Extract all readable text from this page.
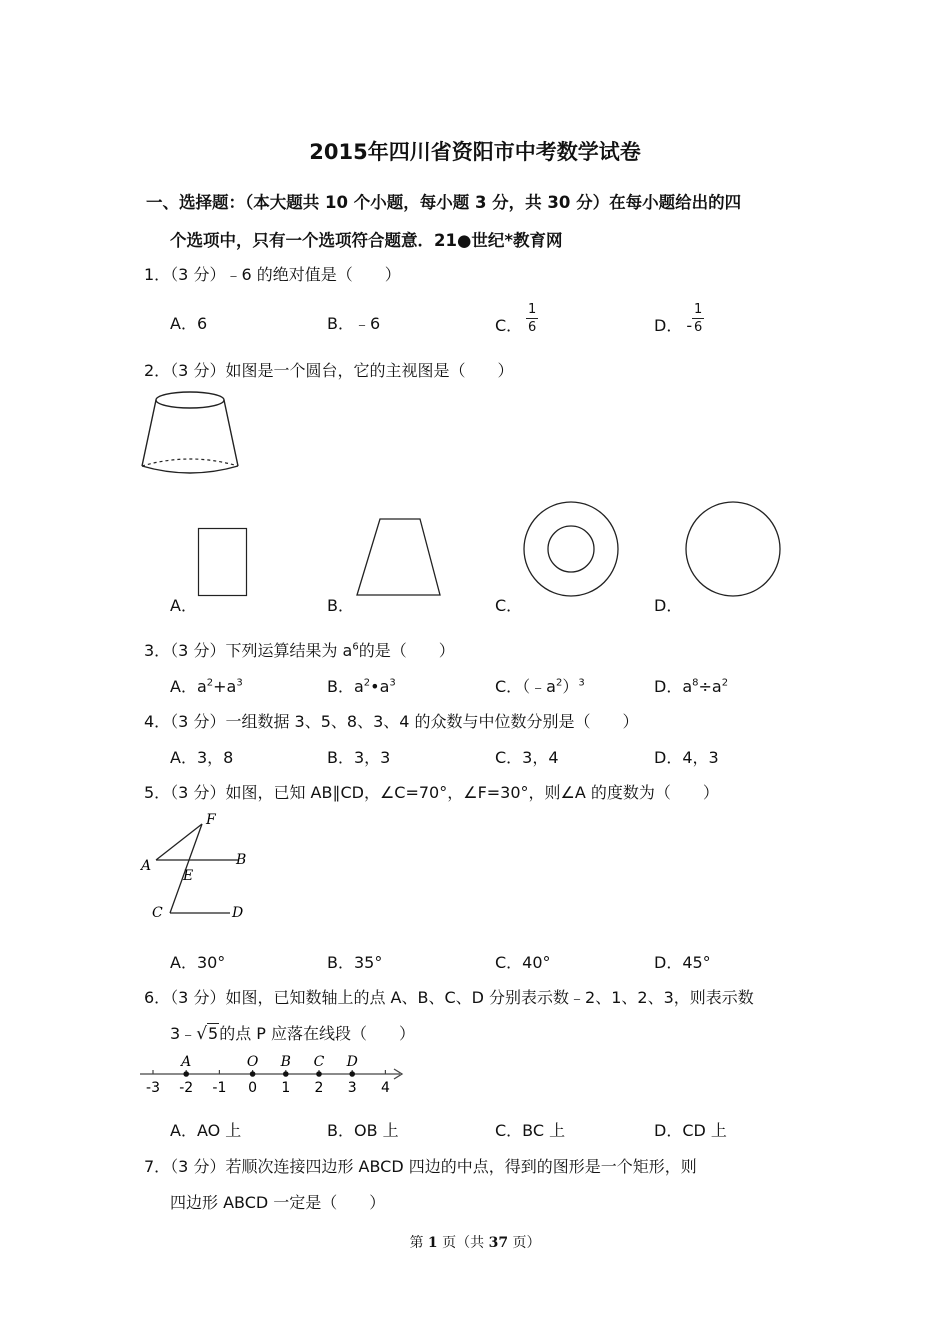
2015年四川省资阳市中考数学试卷
一、选择题：（本大题共 10 个小题，每小题 3 分，共 30 分）在每小题给出的四
个选项中，只有一个选项符合题意．21●世纪*教育网
1．（3 分）﹣6 的绝对值是（　　）
A．6	B．﹣6	C． $\frac{1}{6}$	D． - $\frac{1}{6}$
2．（3 分）如图是一个圆台，它的主视图是（　　）
A．	B．	C．	D．
3．（3 分）下列运算结果为 $a^6$的是（　　）
A．$a^2+a^3$	B．$a^2•a^3$	C．$(﹣a^2)^3$	D．$a^8\div a^2$
4．（3 分）一组数据 3、5、8、3、4 的众数与中位数分别是（　　）
A．3，8	B．3，3	C．3，4	D．4，3
5．（3 分）如图，已知 AB∥CD，∠C=70°，∠F=30°，则∠A 的度数为（　　）
F
A	B
E
C	D
A．30°	B．35°	C．40°	D．45°
6．（3 分）如图，已知数轴上的点 A、B、C、D 分别表示数﹣2、1、2、3，则表示数
3﹣√5的点 P 应落在线段（　　）
-3 -2 -1 0 1 2 3 4
A	O B C D
A．AO 上	B．OB 上	C．BC 上	D．CD 上
7．（3 分）若顺次连接四边形 ABCD 四边的中点，得到的图形是一个矩形，则
四边形 ABCD 一定是（　　）
第 1 页（共 37 页）
